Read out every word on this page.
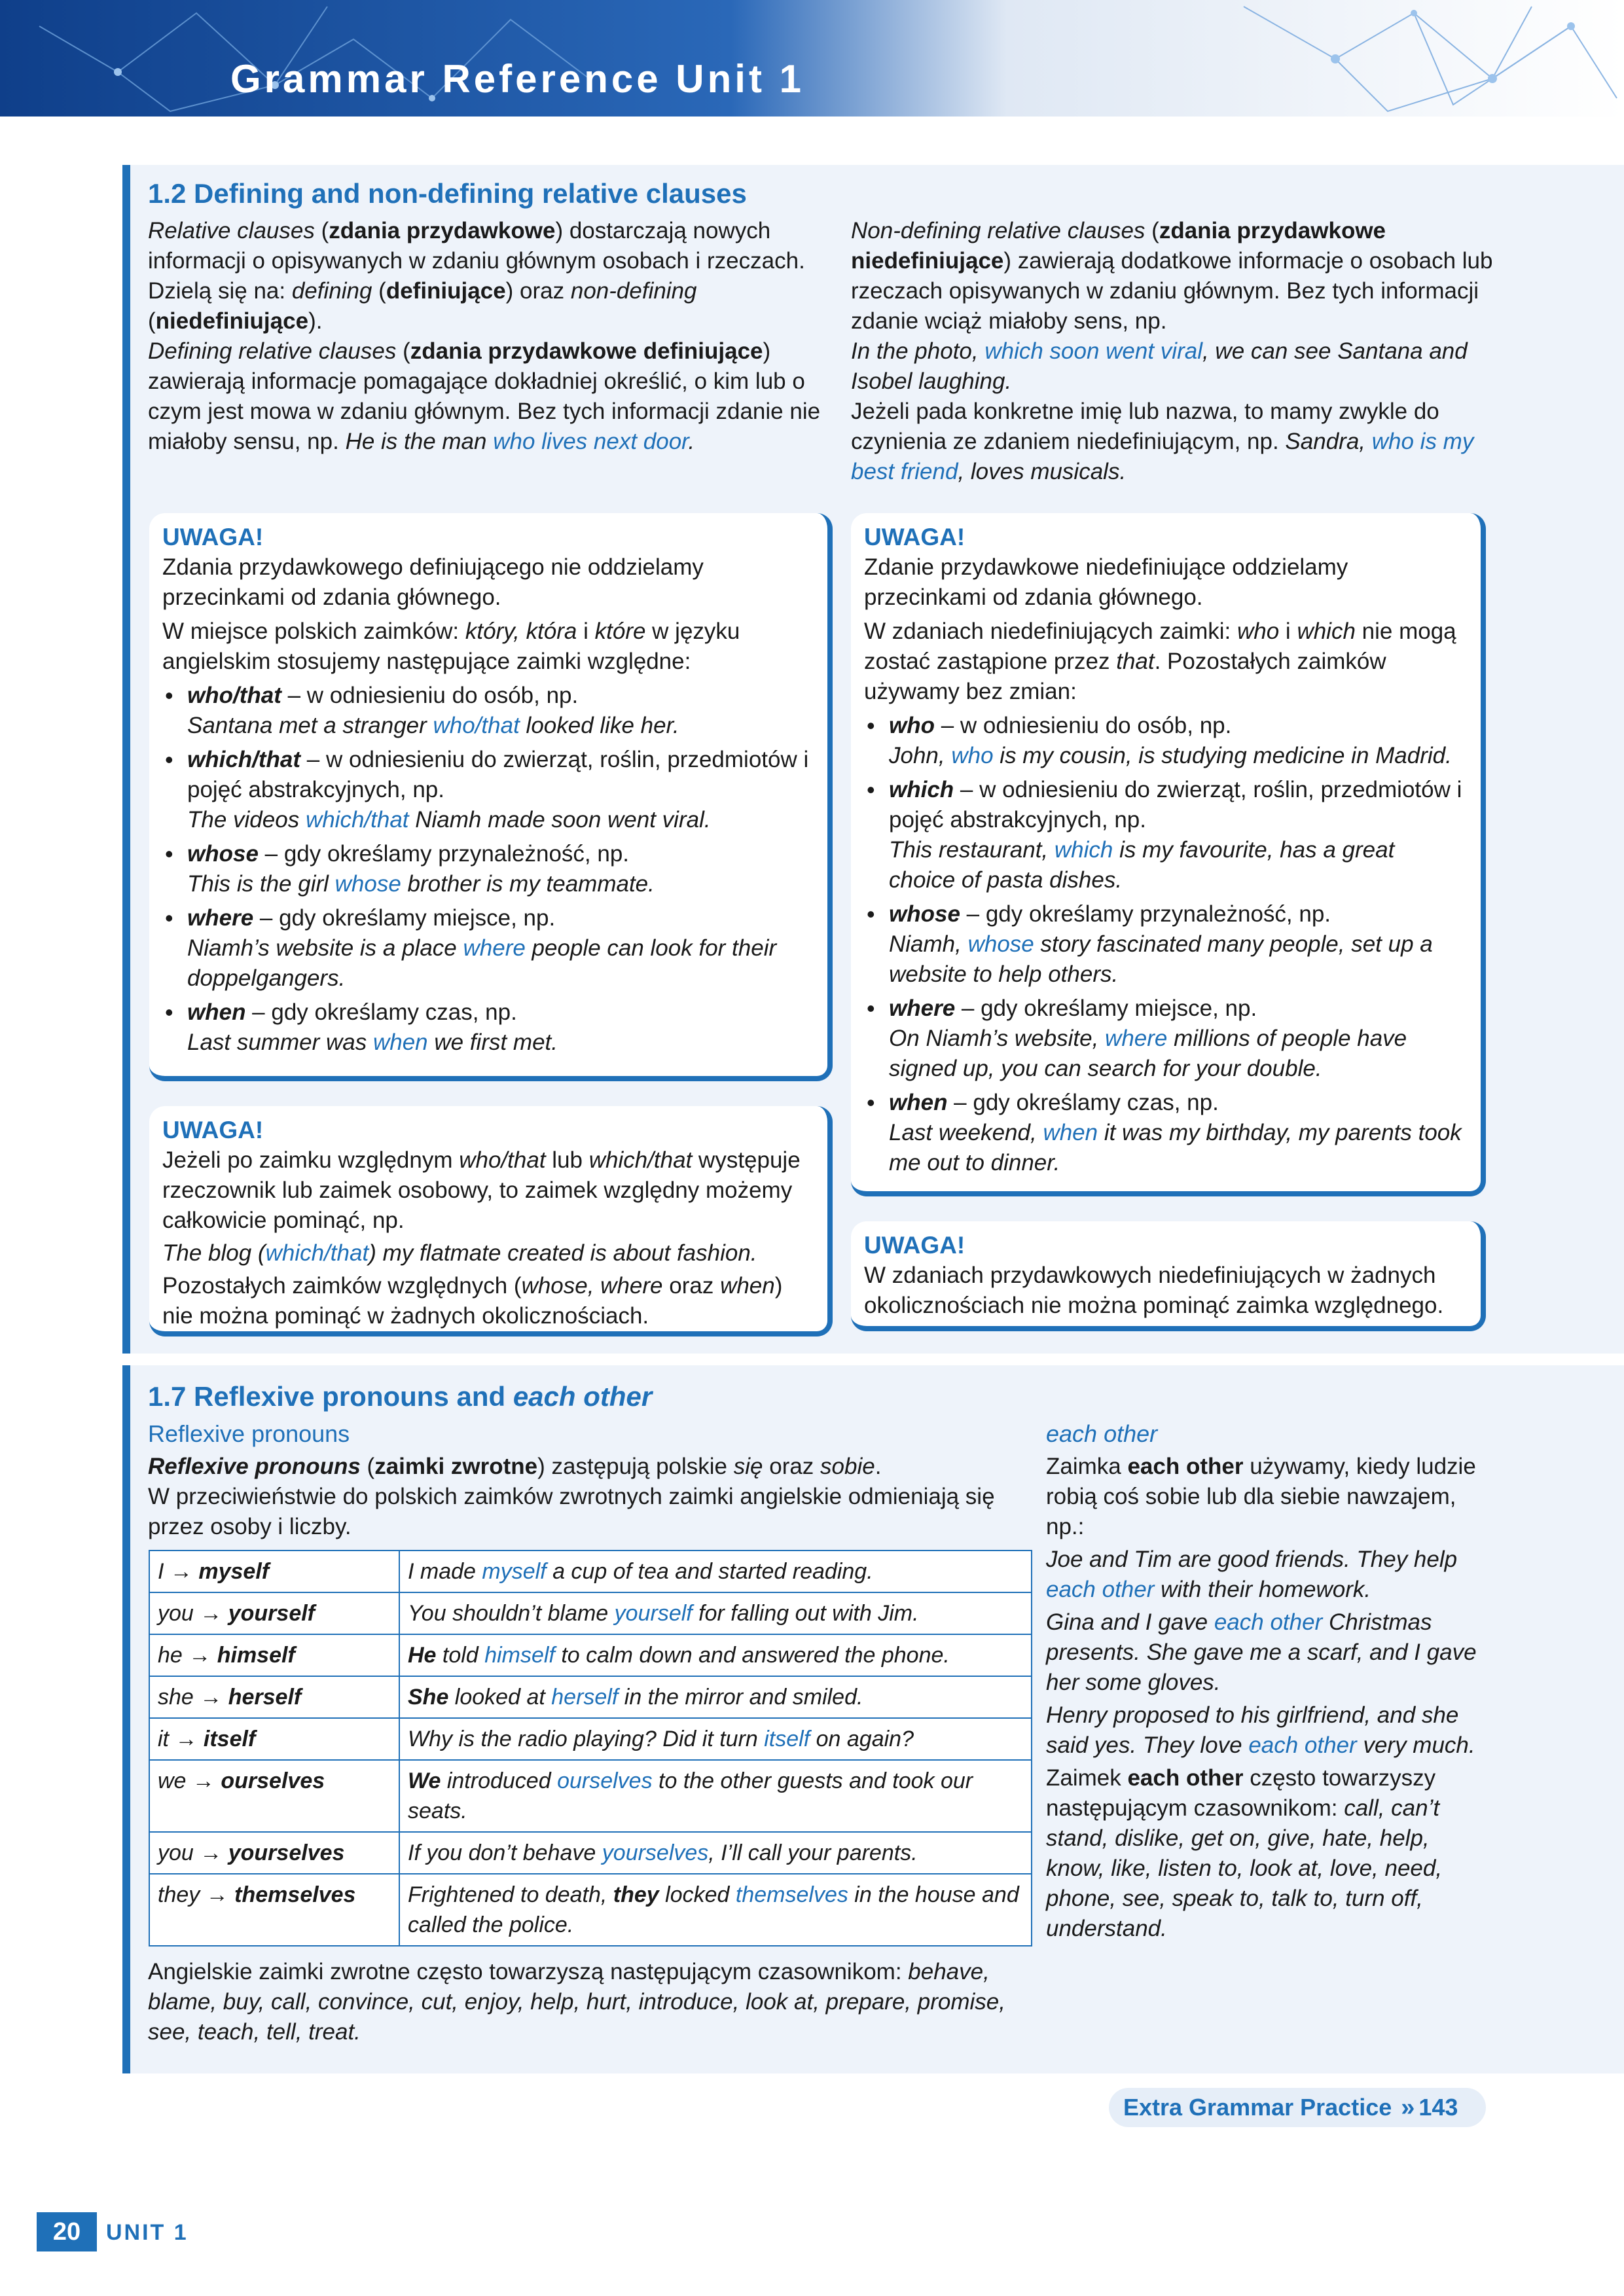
Grammar Reference Unit 1
1.2 Defining and non-defining relative clauses

Relative clauses (zdania przydawkowe) dostarczają nowych informacji o opisywanych w zdaniu głównym osobach i rzeczach. Dzielą się na: defining (definiujące) oraz non-defining (niedefiniujące).

Defining relative clauses (zdania przydawkowe definiujące) zawierają informacje pomagające dokładniej określić, o kim lub o czym jest mowa w zdaniu głównym. Bez tych informacji zdanie nie miałoby sensu, np. He is the man who lives next door.

Non-defining relative clauses (zdania przydawkowe niedefiniujące) zawierają dodatkowe informacje o osobach lub rzeczach opisywanych w zdaniu głównym. Bez tych informacji zdanie wciąż miałoby sens, np.

In the photo, which soon went viral, we can see Santana and Isobel laughing.

Jeżeli pada konkretne imię lub nazwa, to mamy zwykle do czynienia ze zdaniem niedefiniującym, np. Sandra, who is my best friend, loves musicals.

UWAGA!

Zdania przydawkowego definiującego nie oddzielamy przecinkami od zdania głównego.

W miejsce polskich zaimków: który, która i które w języku angielskim stosujemy następujące zaimki względne:

• who/that – w odniesieniu do osób, np.
Santana met a stranger who/that looked like her.
• which/that – w odniesieniu do zwierząt, roślin, przedmiotów i pojęć abstrakcyjnych, np.
The videos which/that Niamh made soon went viral.
• whose – gdy określamy przynależność, np.
This is the girl whose brother is my teammate.
• where – gdy określamy miejsce, np.
Niamh’s website is a place where people can look for their doppelgangers.
• when – gdy określamy czas, np.
Last summer was when we first met.
UWAGA!

Jeżeli po zaimku względnym who/that lub which/that występuje rzeczownik lub zaimek osobowy, to zaimek względny możemy całkowicie pominąć, np.

The blog (which/that) my flatmate created is about fashion.

Pozostałych zaimków względnych (whose, where oraz when) nie można pominąć w żadnych okolicznościach.

UWAGA!

Zdanie przydawkowe niedefiniujące oddzielamy przecinkami od zdania głównego.

W zdaniach niedefiniujących zaimki: who i which nie mogą zostać zastąpione przez that. Pozostałych zaimków używamy bez zmian:

• who – w odniesieniu do osób, np.
John, who is my cousin, is studying medicine in Madrid.
• which – w odniesieniu do zwierząt, roślin, przedmiotów i pojęć abstrakcyjnych, np.
This restaurant, which is my favourite, has a great choice of pasta dishes.
• whose – gdy określamy przynależność, np.
Niamh, whose story fascinated many people, set up a website to help others.
• where – gdy określamy miejsce, np.
On Niamh’s website, where millions of people have signed up, you can search for your double.
• when – gdy określamy czas, np.
Last weekend, when it was my birthday, my parents took me out to dinner.
UWAGA!

W zdaniach przydawkowych niedefiniujących w żadnych okolicznościach nie można pominąć zaimka względnego.

1.7 Reflexive pronouns and each other
Reflexive pronouns

Reflexive pronouns (zaimki zwrotne) zastępują polskie się oraz sobie.

W przeciwieństwie do polskich zaimków zwrotnych zaimki angielskie odmieniają się przez osoby i liczby.

I → myself	I made myself a cup of tea and started reading.
you → yourself	You shouldn’t blame yourself for falling out with Jim.
he → himself	He told himself to calm down and answered the phone.
she → herself	She looked at herself in the mirror and smiled.
it → itself	Why is the radio playing? Did it turn itself on again?
we → ourselves	We introduced ourselves to the other guests and took our seats.
you → yourselves	If you don’t behave yourselves, I’ll call your parents.
they → themselves	Frightened to death, they locked themselves in the house and called the police.

Angielskie zaimki zwrotne często towarzyszą następującym czasownikom: behave, blame, buy, call, convince, cut, enjoy, help, hurt, introduce, look at, prepare, promise, see, teach, tell, treat.

each other

Zaimka each other używamy, kiedy ludzie robią coś sobie lub dla siebie nawzajem, np.:

Joe and Tim are good friends. They help each other with their homework.

Gina and I gave each other Christmas presents. She gave me a scarf, and I gave her some gloves.

Henry proposed to his girlfriend, and she said yes. They love each other very much.

Zaimek each other często towarzyszy następującym czasownikom: call, can’t stand, dislike, get on, give, hate, help, know, like, listen to, look at, love, need, phone, see, speak to, talk to, turn off, understand.

Extra Grammar Practice » 143
20	UNIT 1
